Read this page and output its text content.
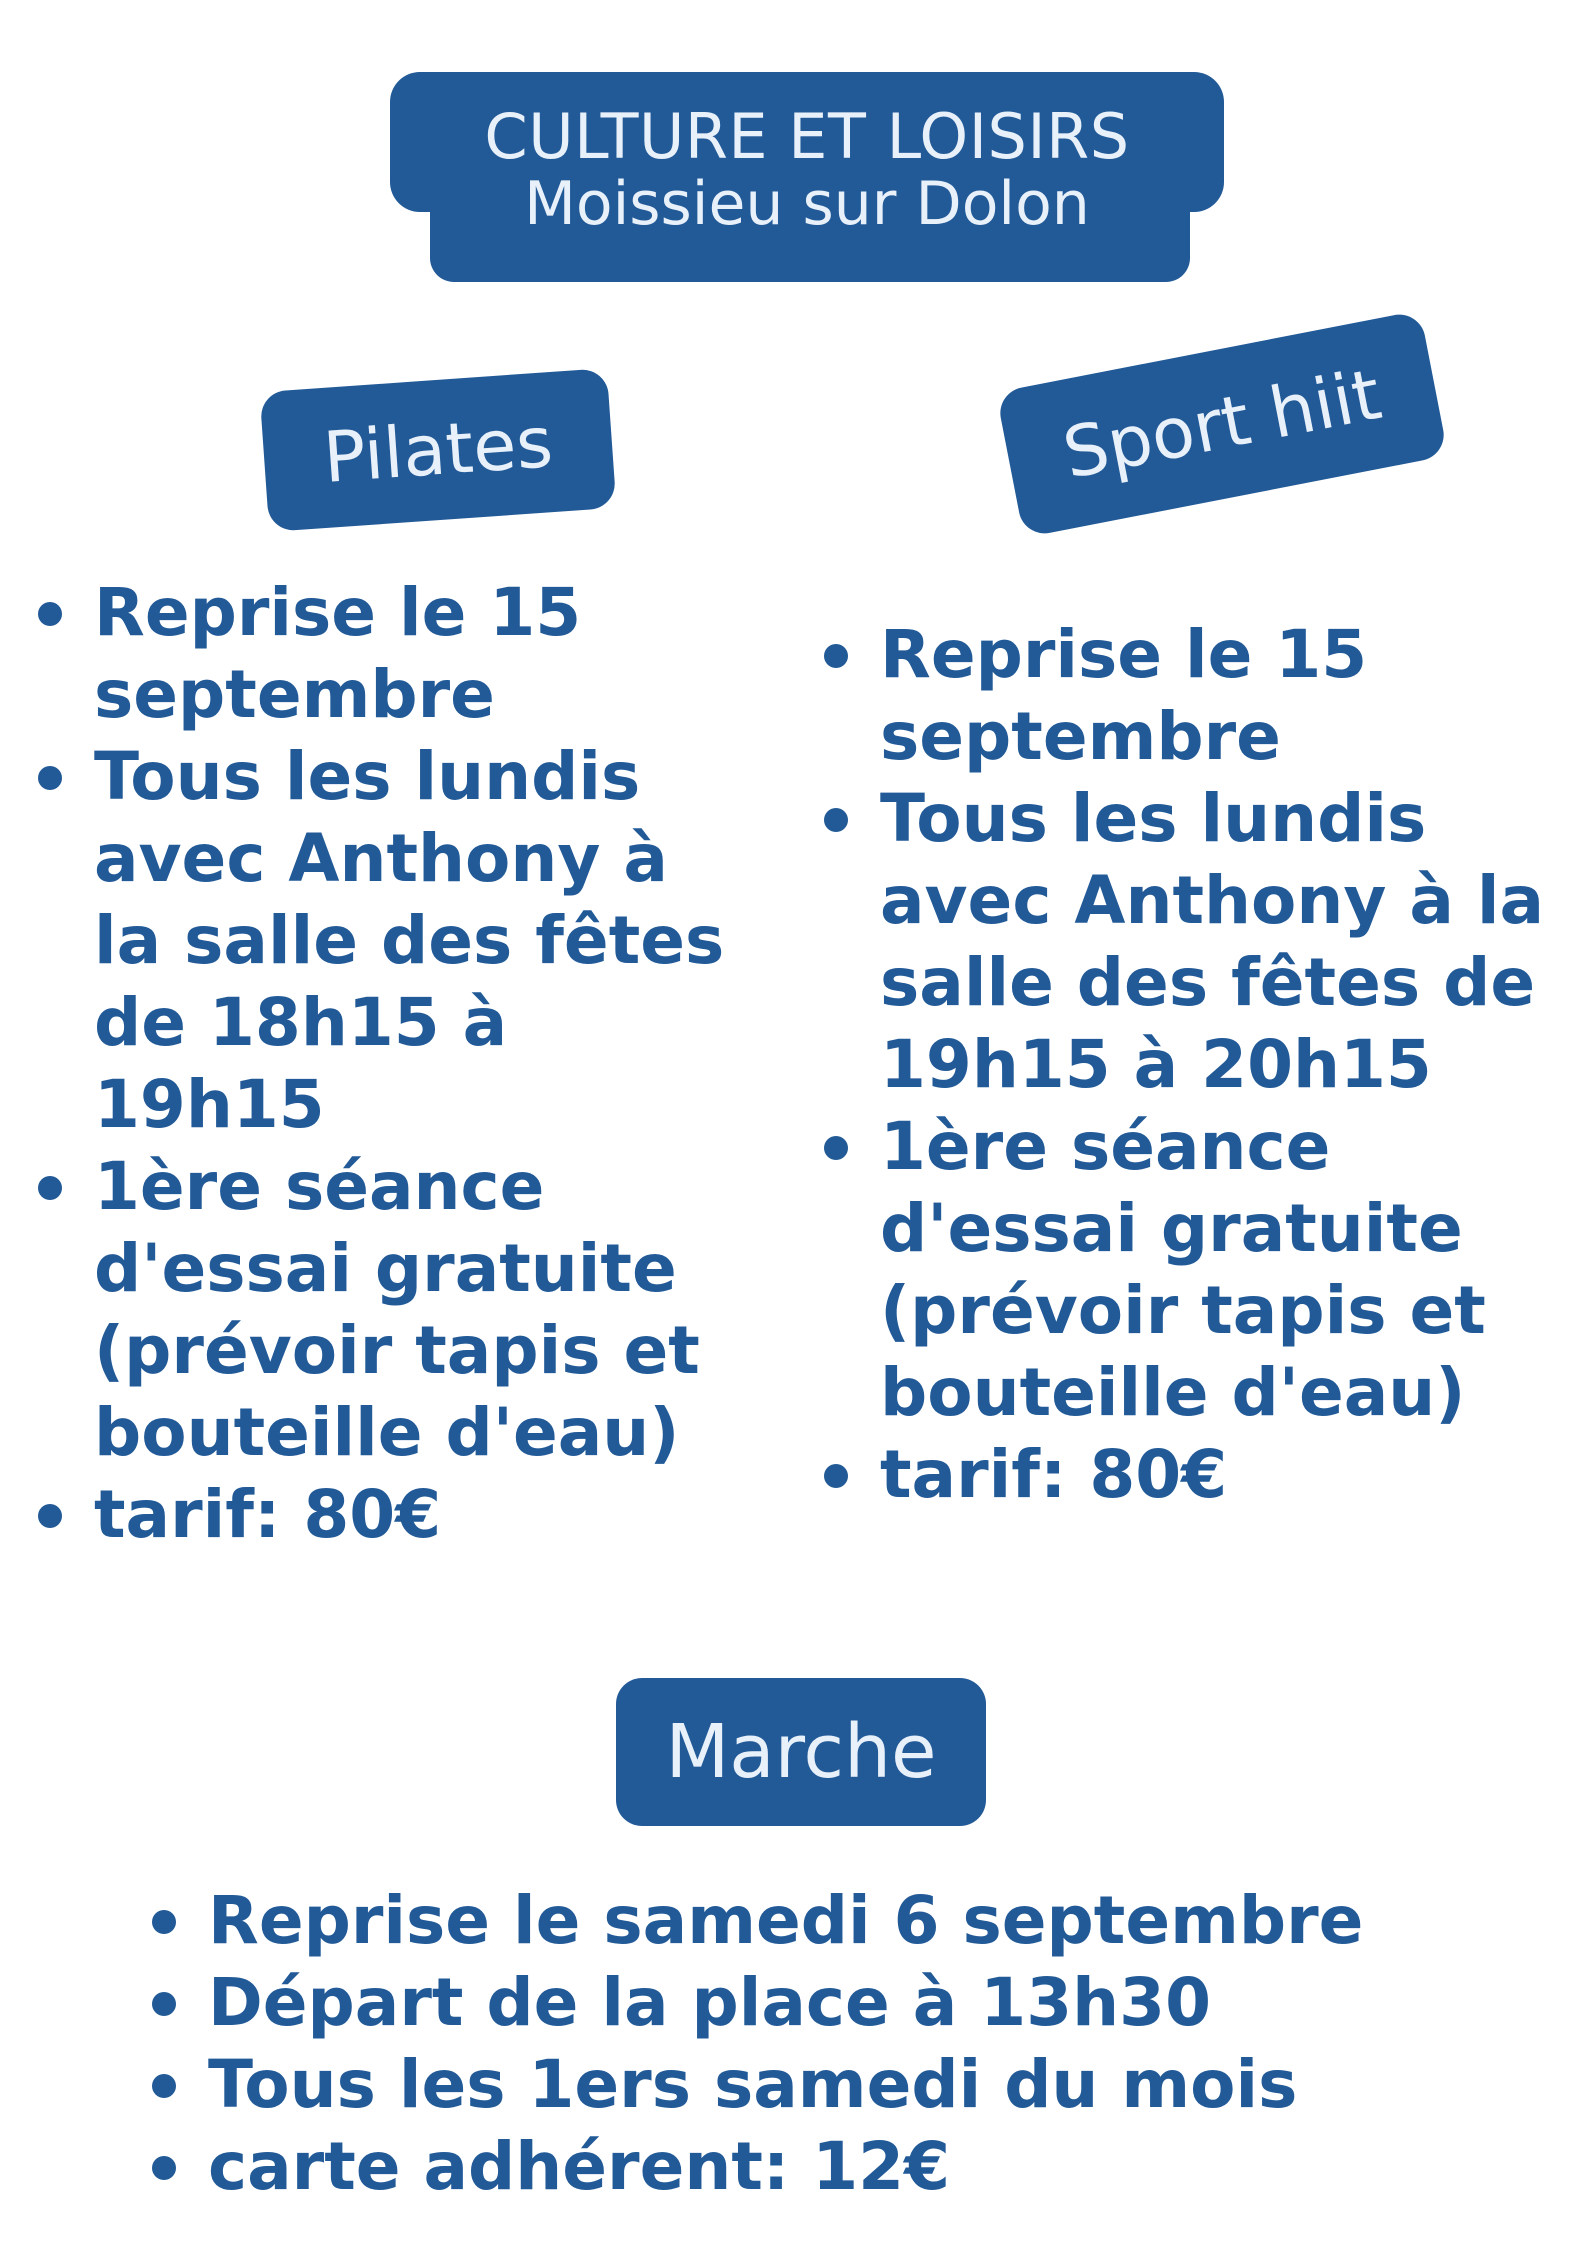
CULTURE ET LOISIRS
Moissieu sur Dolon
Pilates	Sport hiit
Reprise le 15 septembre
Tous les lundis avec Anthony à la salle des fêtes de 18h15 à 19h15
1ère séance d'essai gratuite (prévoir tapis et bouteille d'eau)
tarif: 80€
Reprise le 15 septembre
Tous les lundis avec Anthony à la salle des fêtes de 19h15 à 20h15
1ère séance d'essai gratuite (prévoir tapis et bouteille d'eau)
tarif: 80€
Marche
Reprise le samedi 6 septembre
Départ de la place à 13h30
Tous les 1ers samedi du mois
carte adhérent: 12€
